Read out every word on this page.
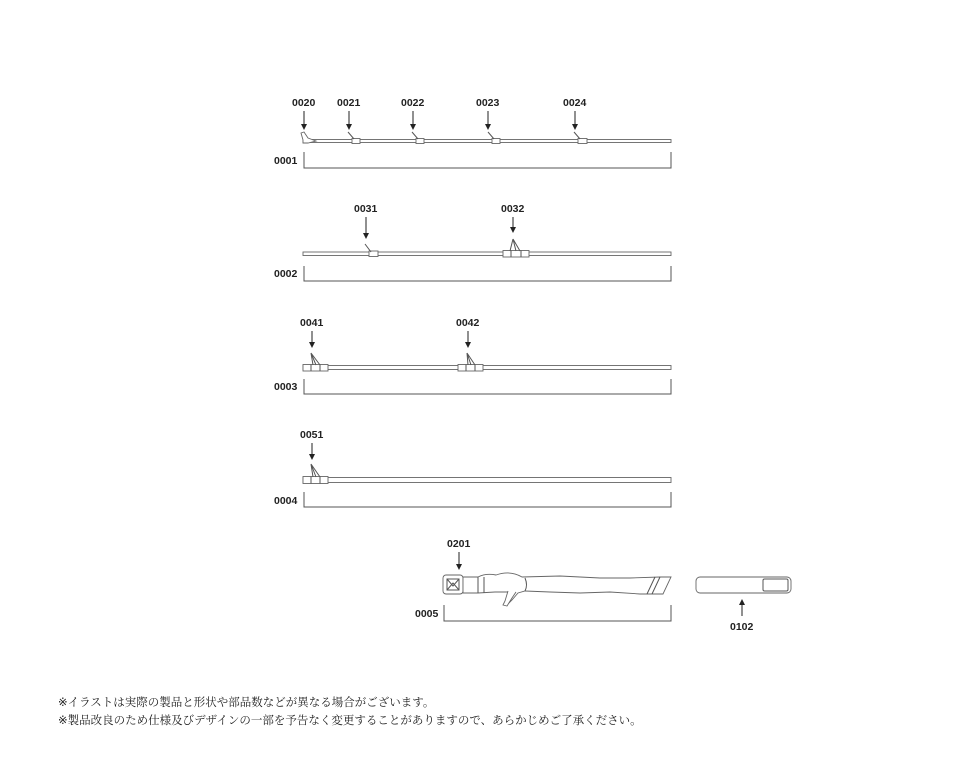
0001
0020 0021	0022	0023	0024
0002
0031	0032
0003
0041	0042
0004
0051
0005
0201
0102
※イラストは実際の製品と形状や部品数などが異なる場合がございます。
※製品改良のため仕様及びデザインの一部を予告なく変更することがありますので、あらかじめご了承ください。
